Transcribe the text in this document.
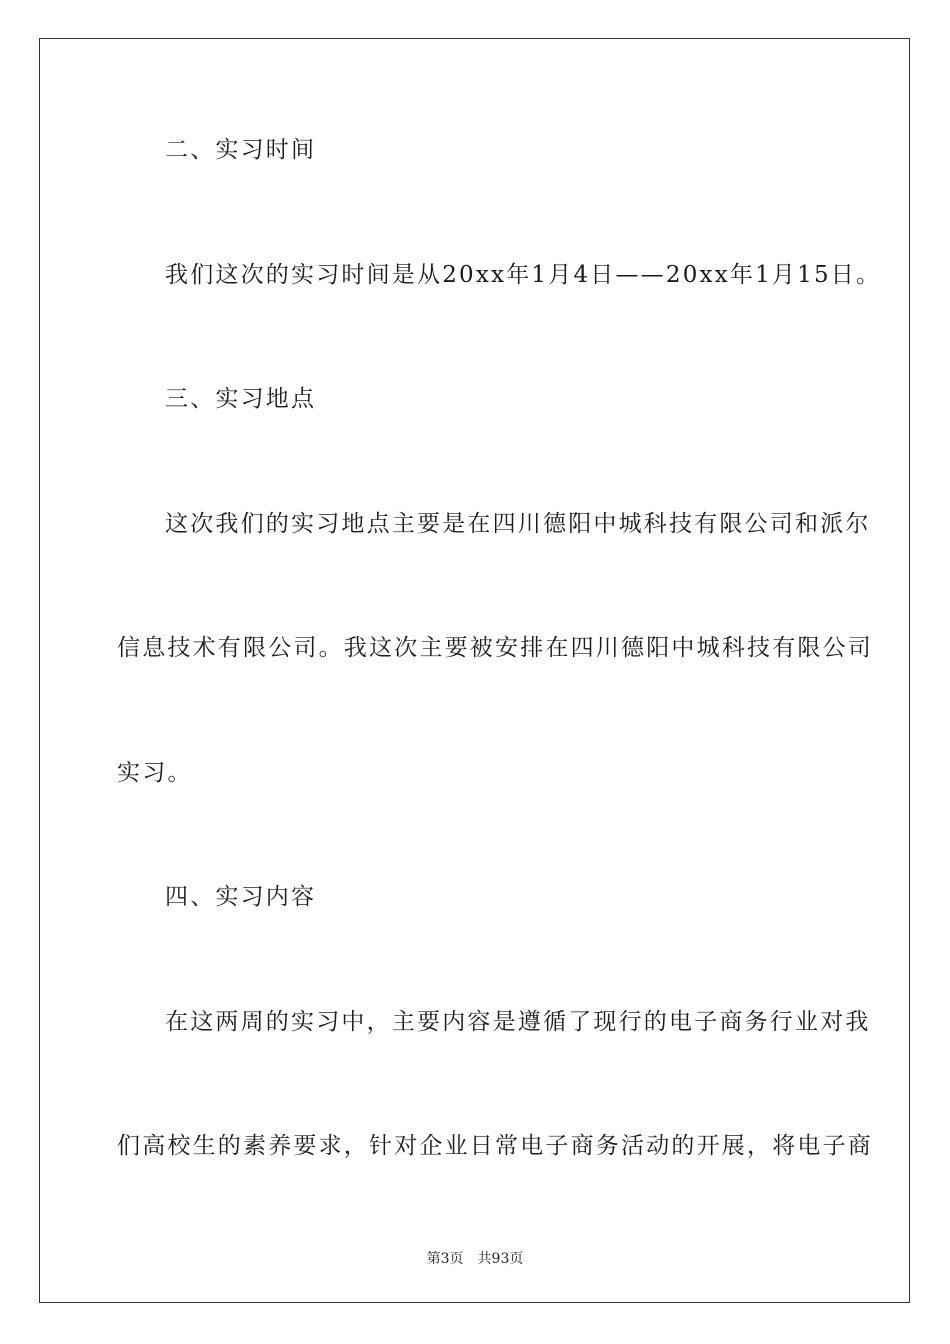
二、实习时间
我们这次的实习时间是从20xx年1月4日——20xx年1月15日。
三、实习地点
这次我们的实习地点主要是在四川德阳中城科技有限公司和派尔
信息技术有限公司。我这次主要被安排在四川德阳中城科技有限公司
实习。
四、实习内容
在这两周的实习中，主要内容是遵循了现行的电子商务行业对我
们高校生的素养要求，针对企业日常电子商务活动的开展，将电子商
第3页 共93页
